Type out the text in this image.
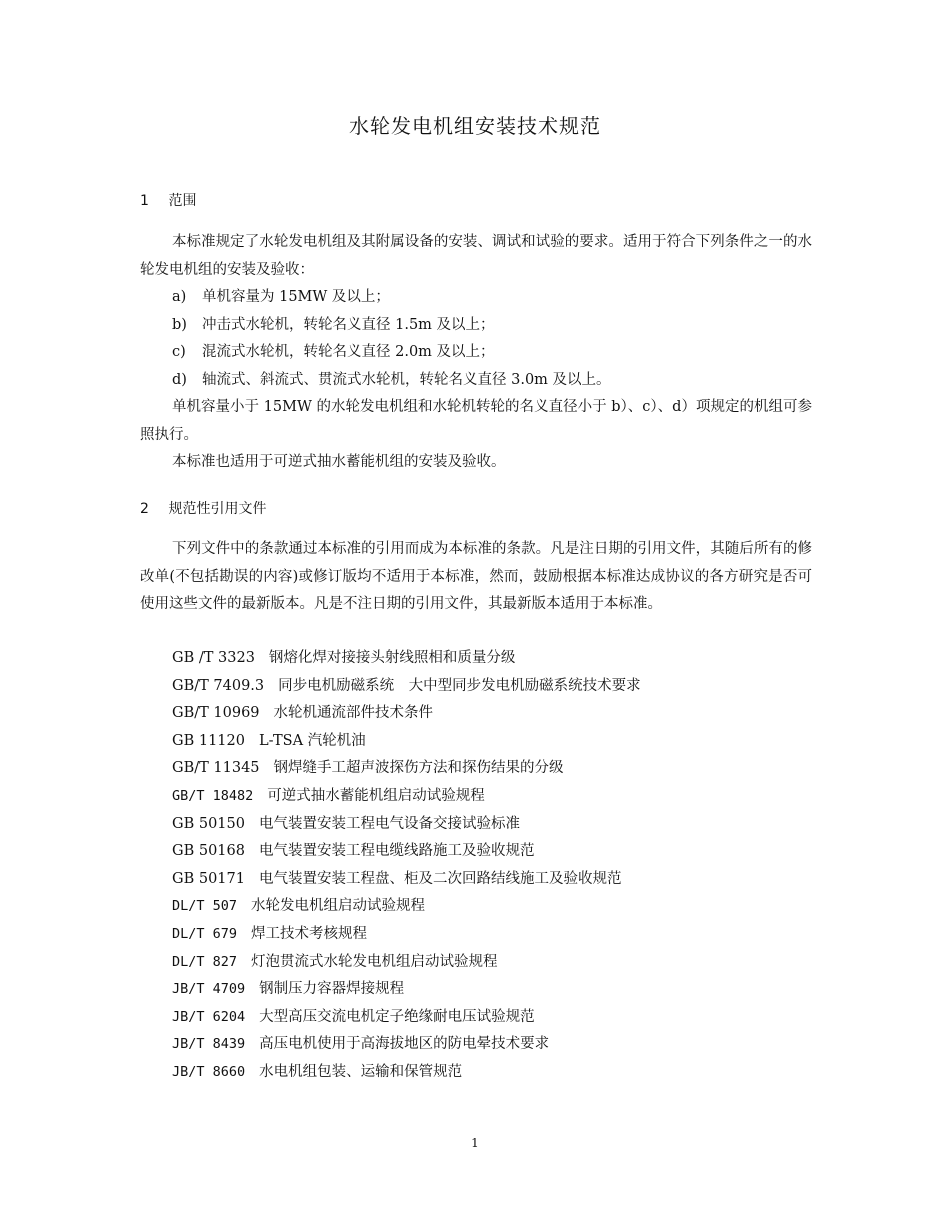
水轮发电机组安装技术规范
1 范围
本标准规定了水轮发电机组及其附属设备的安装、调试和试验的要求。适用于符合下列条件之一的水轮发电机组的安装及验收：
a) 单机容量为 15MW 及以上；
b) 冲击式水轮机，转轮名义直径 1.5m 及以上；
c) 混流式水轮机，转轮名义直径 2.0m 及以上；
d) 轴流式、斜流式、贯流式水轮机，转轮名义直径 3.0m 及以上。
单机容量小于 15MW 的水轮发电机组和水轮机转轮的名义直径小于 b）、c）、d）项规定的机组可参照执行。
本标准也适用于可逆式抽水蓄能机组的安装及验收。
2 规范性引用文件
下列文件中的条款通过本标准的引用而成为本标准的条款。凡是注日期的引用文件，其随后所有的修改单(不包括勘误的内容)或修订版均不适用于本标准，然而，鼓励根据本标准达成协议的各方研究是否可使用这些文件的最新版本。凡是不注日期的引用文件，其最新版本适用于本标准。
GB /T 3323 钢熔化焊对接接头射线照相和质量分级
GB/T 7409.3 同步电机励磁系统　大中型同步发电机励磁系统技术要求
GB/T 10969 水轮机通流部件技术条件
GB 11120 L-TSA 汽轮机油
GB/T 11345 钢焊缝手工超声波探伤方法和探伤结果的分级
GB/T 18482 可逆式抽水蓄能机组启动试验规程
GB 50150 电气装置安装工程电气设备交接试验标准
GB 50168 电气装置安装工程电缆线路施工及验收规范
GB 50171 电气装置安装工程盘、柜及二次回路结线施工及验收规范
DL/T 507 水轮发电机组启动试验规程
DL/T 679 焊工技术考核规程
DL/T 827 灯泡贯流式水轮发电机组启动试验规程
JB/T 4709 钢制压力容器焊接规程
JB/T 6204 大型高压交流电机定子绝缘耐电压试验规范
JB/T 8439 高压电机使用于高海拔地区的防电晕技术要求
JB/T 8660 水电机组包装、运输和保管规范
1
